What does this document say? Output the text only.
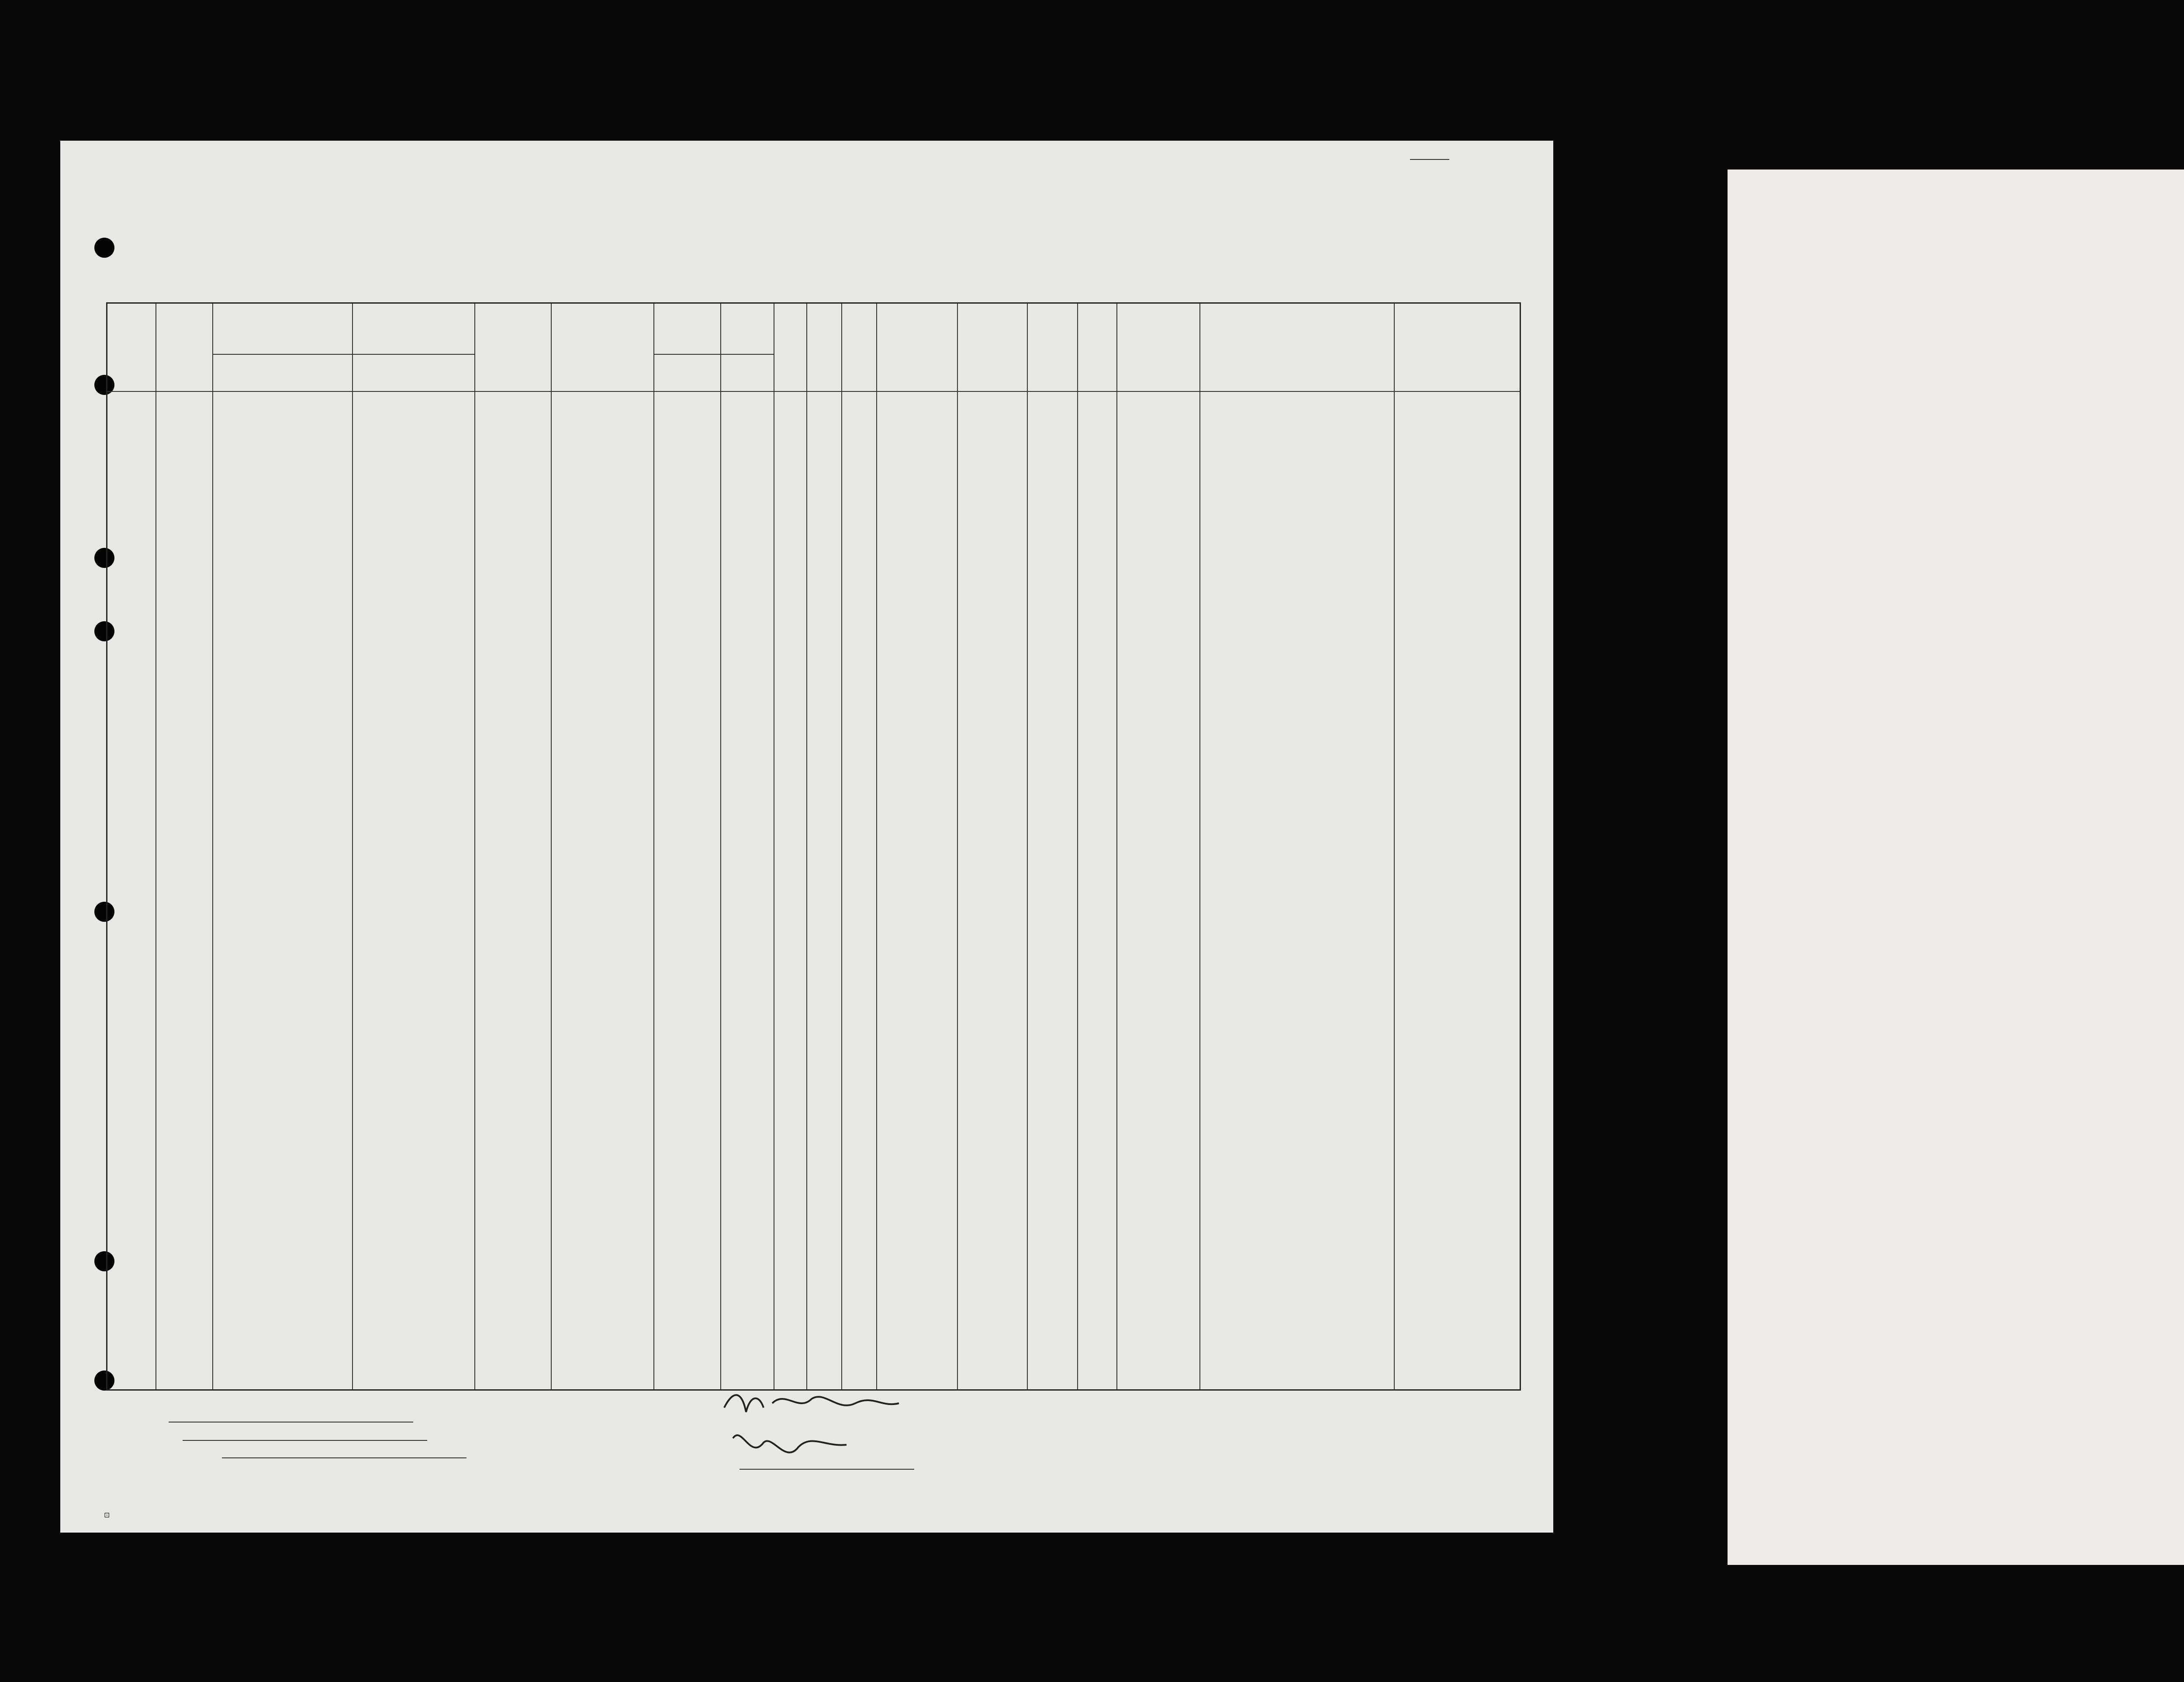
⊡
